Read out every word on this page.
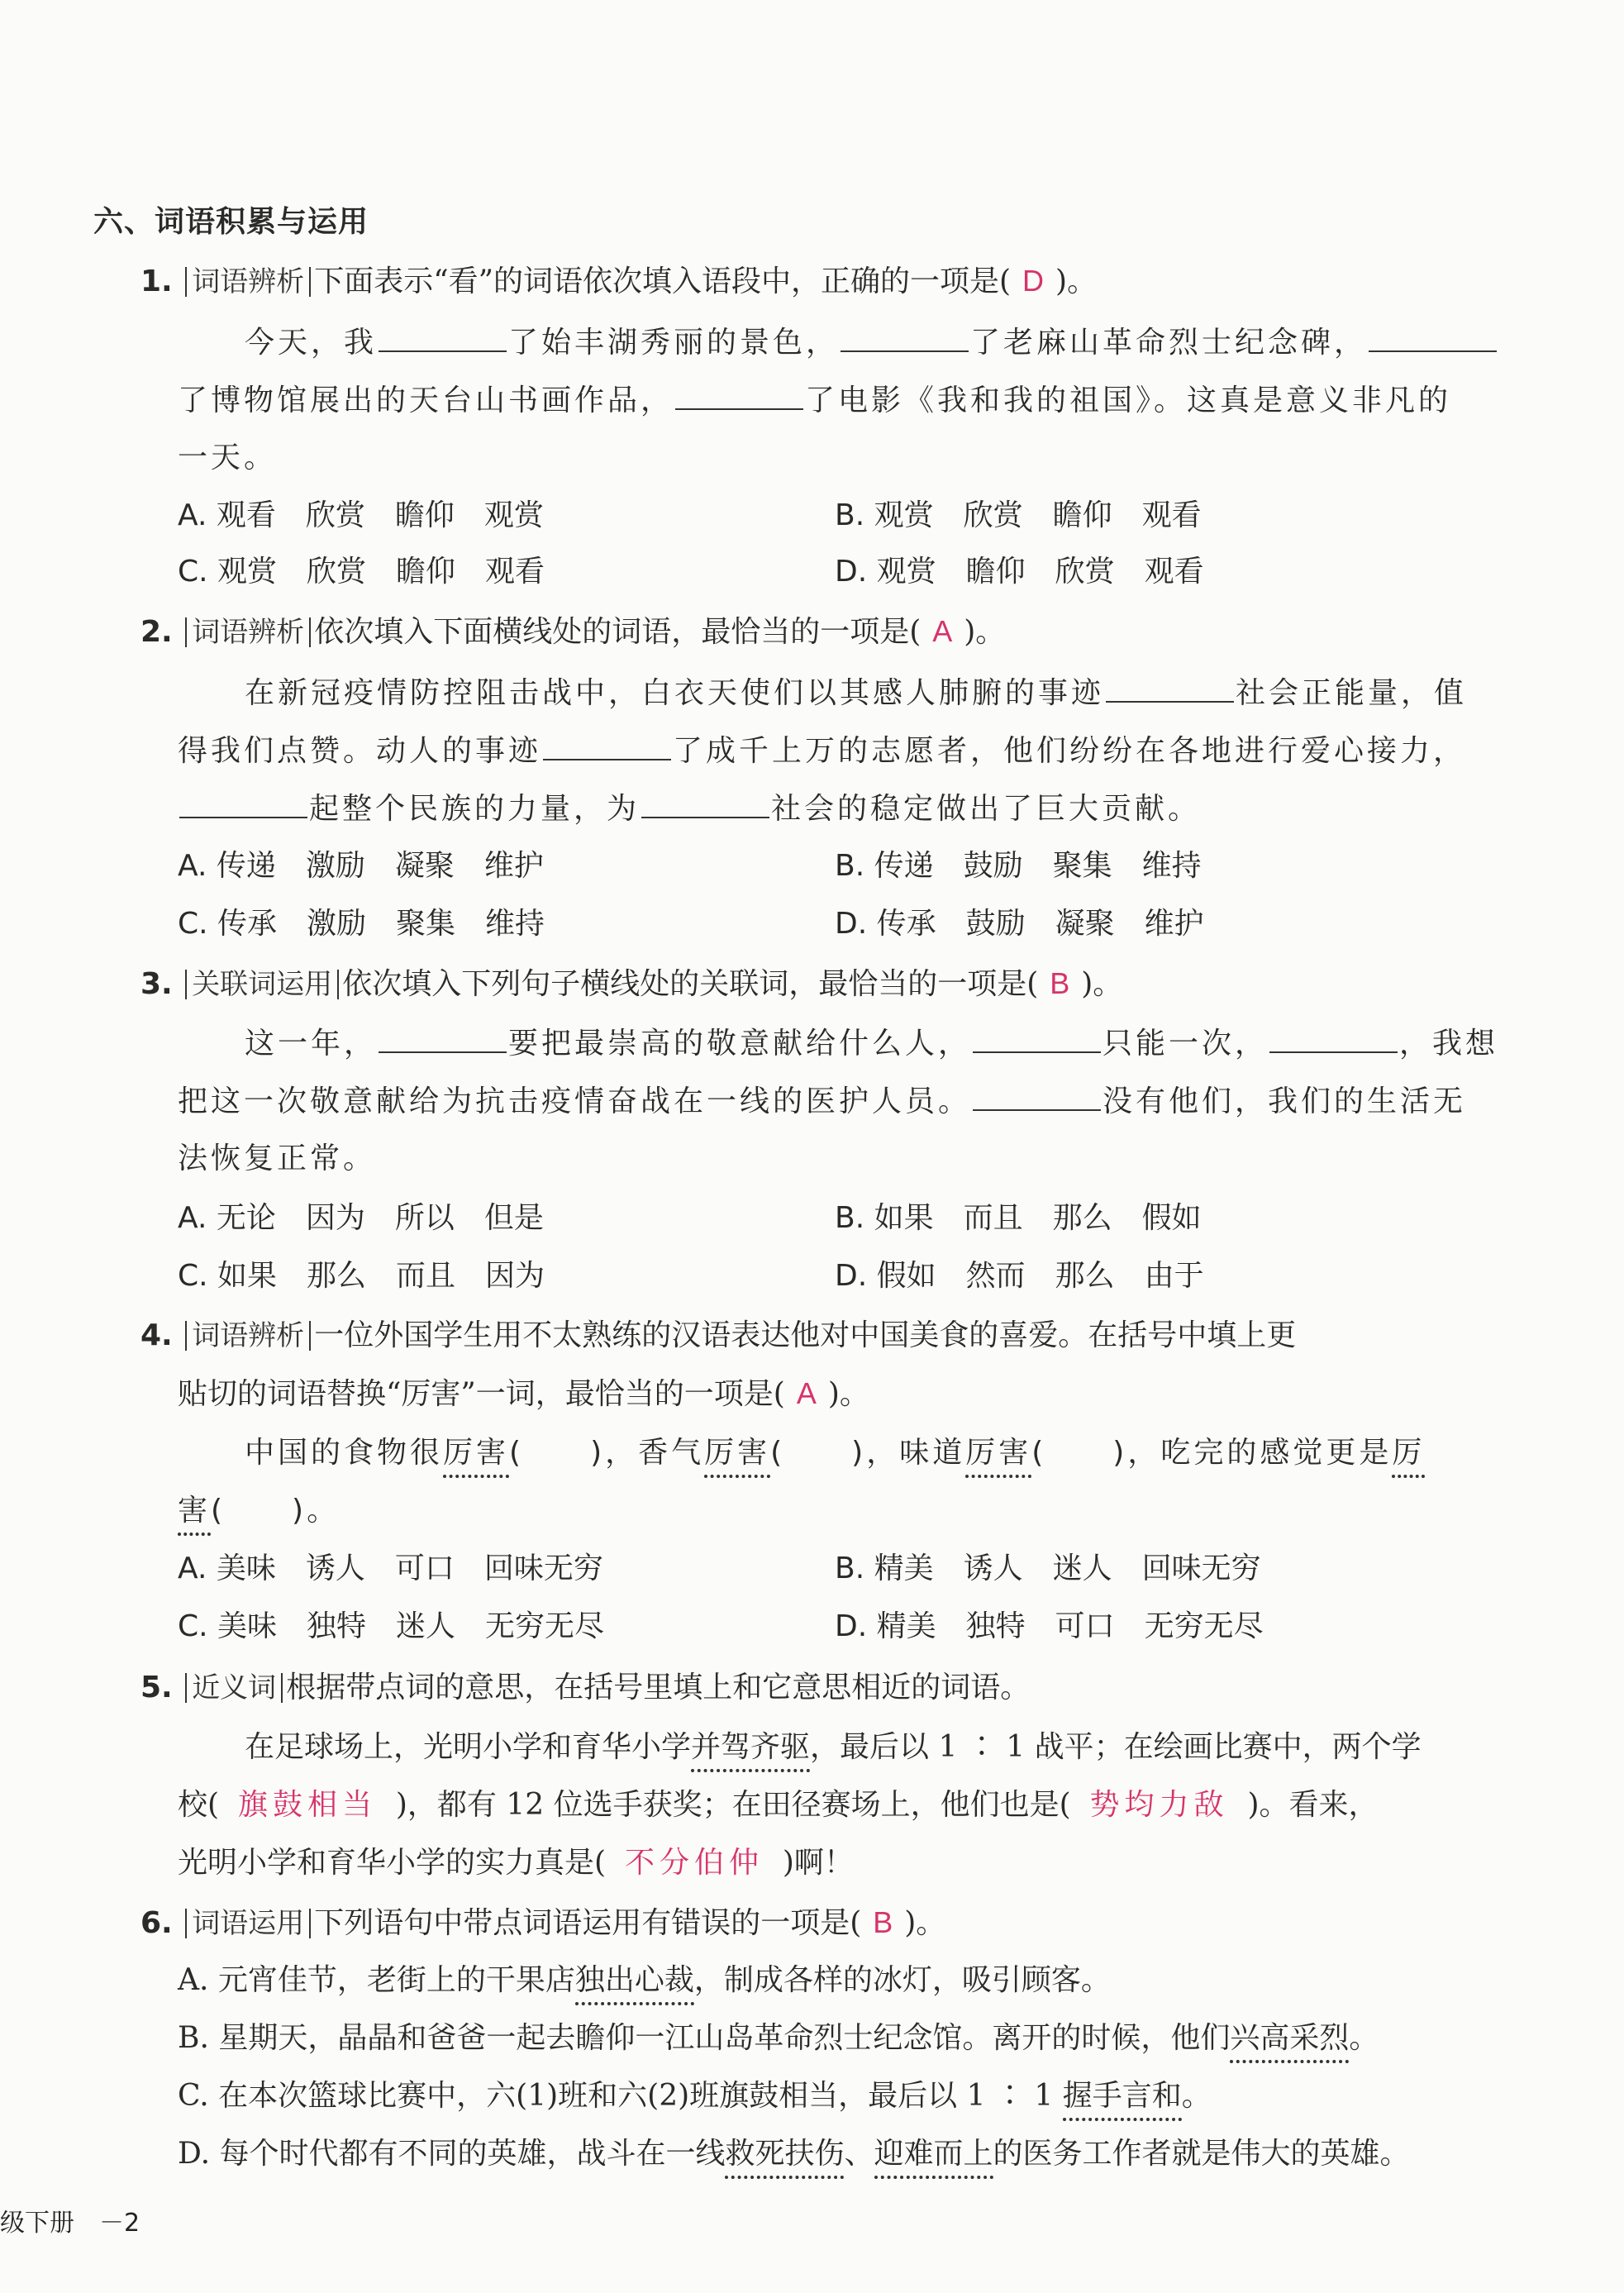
六、词语积累与运用
1. 词语辨析 下面表示“看”的词语依次填入语段中，正确的一项是( D )。
今天，我	了始丰湖秀丽的景色，	了老麻山革命烈士纪念碑，
了博物馆展出的天台山书画作品，	了电影《我和我的祖国》。这真是意义非凡的
一天。
A. 观看　欣赏　瞻仰　观赏	B. 观赏　欣赏　瞻仰　观看
C. 观赏　欣赏　瞻仰　观看	D. 观赏　瞻仰　欣赏　观看
2. 词语辨析 依次填入下面横线处的词语，最恰当的一项是( A )。
在新冠疫情防控阻击战中，白衣天使们以其感人肺腑的事迹	社会正能量，值
得我们点赞。动人的事迹	了成千上万的志愿者，他们纷纷在各地进行爱心接力，
起整个民族的力量，为	社会的稳定做出了巨大贡献。
A. 传递　激励　凝聚　维护	B. 传递　鼓励　聚集　维持
C. 传承　激励　聚集　维持	D. 传承　鼓励　凝聚　维护
3. 关联词运用 依次填入下列句子横线处的关联词，最恰当的一项是( B )。
这一年，	要把最崇高的敬意献给什么人，	只能一次，	，我想
把这一次敬意献给为抗击疫情奋战在一线的医护人员。	没有他们，我们的生活无
法恢复正常。
A. 无论　因为　所以　但是	B. 如果　而且　那么　假如
C. 如果　那么　而且　因为	D. 假如　然而　那么　由于
4. 词语辨析 一位外国学生用不太熟练的汉语表达他对中国美食的喜爱。在括号中填上更
贴切的词语替换“厉害”一词，最恰当的一项是( A )。
中国的食物很厉害(　　)，香气厉害(　　)，味道厉害(　　)，吃完的感觉更是厉
害(　　)。
A. 美味　诱人　可口　回味无穷	B. 精美　诱人　迷人　回味无穷
C. 美味　独特　迷人　无穷无尽	D. 精美　独特　可口　无穷无尽
5. 近义词 根据带点词的意思，在括号里填上和它意思相近的词语。
在足球场上，光明小学和育华小学并驾齐驱，最后以 1 ∶ 1 战平；在绘画比赛中，两个学
校( 旗鼓相当 )，都有 12 位选手获奖；在田径赛场上，他们也是( 势均力敌 )。看来，
光明小学和育华小学的实力真是( 不分伯仲 )啊！
6. 词语运用 下列语句中带点词语运用有错误的一项是( B )。
A. 元宵佳节，老街上的干果店独出心裁，制成各样的冰灯，吸引顾客。
B. 星期天，晶晶和爸爸一起去瞻仰一江山岛革命烈士纪念馆。离开的时候，他们兴高采烈。
C. 在本次篮球比赛中，六(1)班和六(2)班旗鼓相当，最后以 1 ∶ 1 握手言和。
D. 每个时代都有不同的英雄，战斗在一线救死扶伤、迎难而上的医务工作者就是伟大的英雄。
级下册　－2
